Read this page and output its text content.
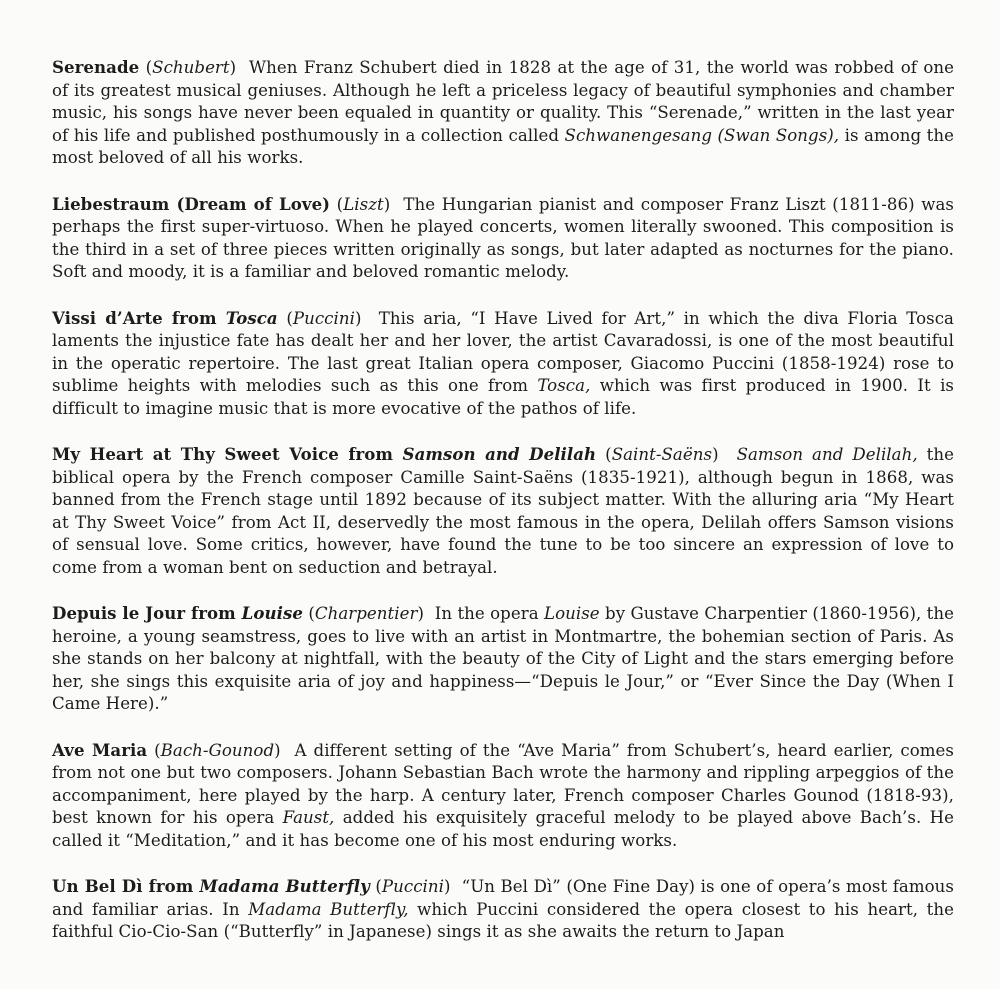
Serenade (Schubert)  When Franz Schubert died in 1828 at the age of 31, the world was robbed of one of its greatest musical geniuses. Although he left a priceless legacy of beautiful symphonies and chamber music, his songs have never been equaled in quantity or quality. This “Serenade,” written in the last year of his life and published posthumously in a collection called Schwanengesang (Swan Songs), is among the most beloved of all his works.

Liebestraum (Dream of Love) (Liszt)  The Hungarian pianist and composer Franz Liszt (1811-86) was perhaps the first super-virtuoso. When he played concerts, women literally swooned. This composition is the third in a set of three pieces written originally as songs, but later adapted as nocturnes for the piano. Soft and moody, it is a familiar and beloved romantic melody.

Vissi d’Arte from Tosca (Puccini)  This aria, “I Have Lived for Art,” in which the diva Floria Tosca laments the injustice fate has dealt her and her lover, the artist Cavaradossi, is one of the most beautiful in the operatic repertoire. The last great Italian opera composer, Giacomo Puccini (1858-1924) rose to sublime heights with melodies such as this one from Tosca, which was first produced in 1900. It is difficult to imagine music that is more evocative of the pathos of life.

My Heart at Thy Sweet Voice from Samson and Delilah (Saint-Saëns)  Samson and Delilah, the biblical opera by the French composer Camille Saint-Saëns (1835-1921), although begun in 1868, was banned from the French stage until 1892 because of its subject matter. With the alluring aria “My Heart at Thy Sweet Voice” from Act II, deservedly the most famous in the opera, Delilah offers Samson visions of sensual love. Some critics, however, have found the tune to be too sincere an expression of love to come from a woman bent on seduction and betrayal.

Depuis le Jour from Louise (Charpentier)  In the opera Louise by Gustave Charpentier (1860-1956), the heroine, a young seamstress, goes to live with an artist in Montmartre, the bohemian section of Paris. As she stands on her balcony at nightfall, with the beauty of the City of Light and the stars emerging before her, she sings this exquisite aria of joy and happiness—“Depuis le Jour,” or “Ever Since the Day (When I Came Here).”

Ave Maria (Bach-Gounod)  A different setting of the “Ave Maria” from Schubert’s, heard earlier, comes from not one but two composers. Johann Sebastian Bach wrote the harmony and rippling arpeggios of the accompaniment, here played by the harp. A century later, French composer Charles Gounod (1818-93), best known for his opera Faust, added his exquisitely graceful melody to be played above Bach’s. He called it “Meditation,” and it has become one of his most enduring works.

Un Bel Dì from Madama Butterfly (Puccini)  “Un Bel Dì” (One Fine Day) is one of opera’s most famous and familiar arias. In Madama Butterfly, which Puccini considered the opera closest to his heart, the faithful Cio-Cio-San (“Butterfly” in Japanese) sings it as she awaits the return to Japan
